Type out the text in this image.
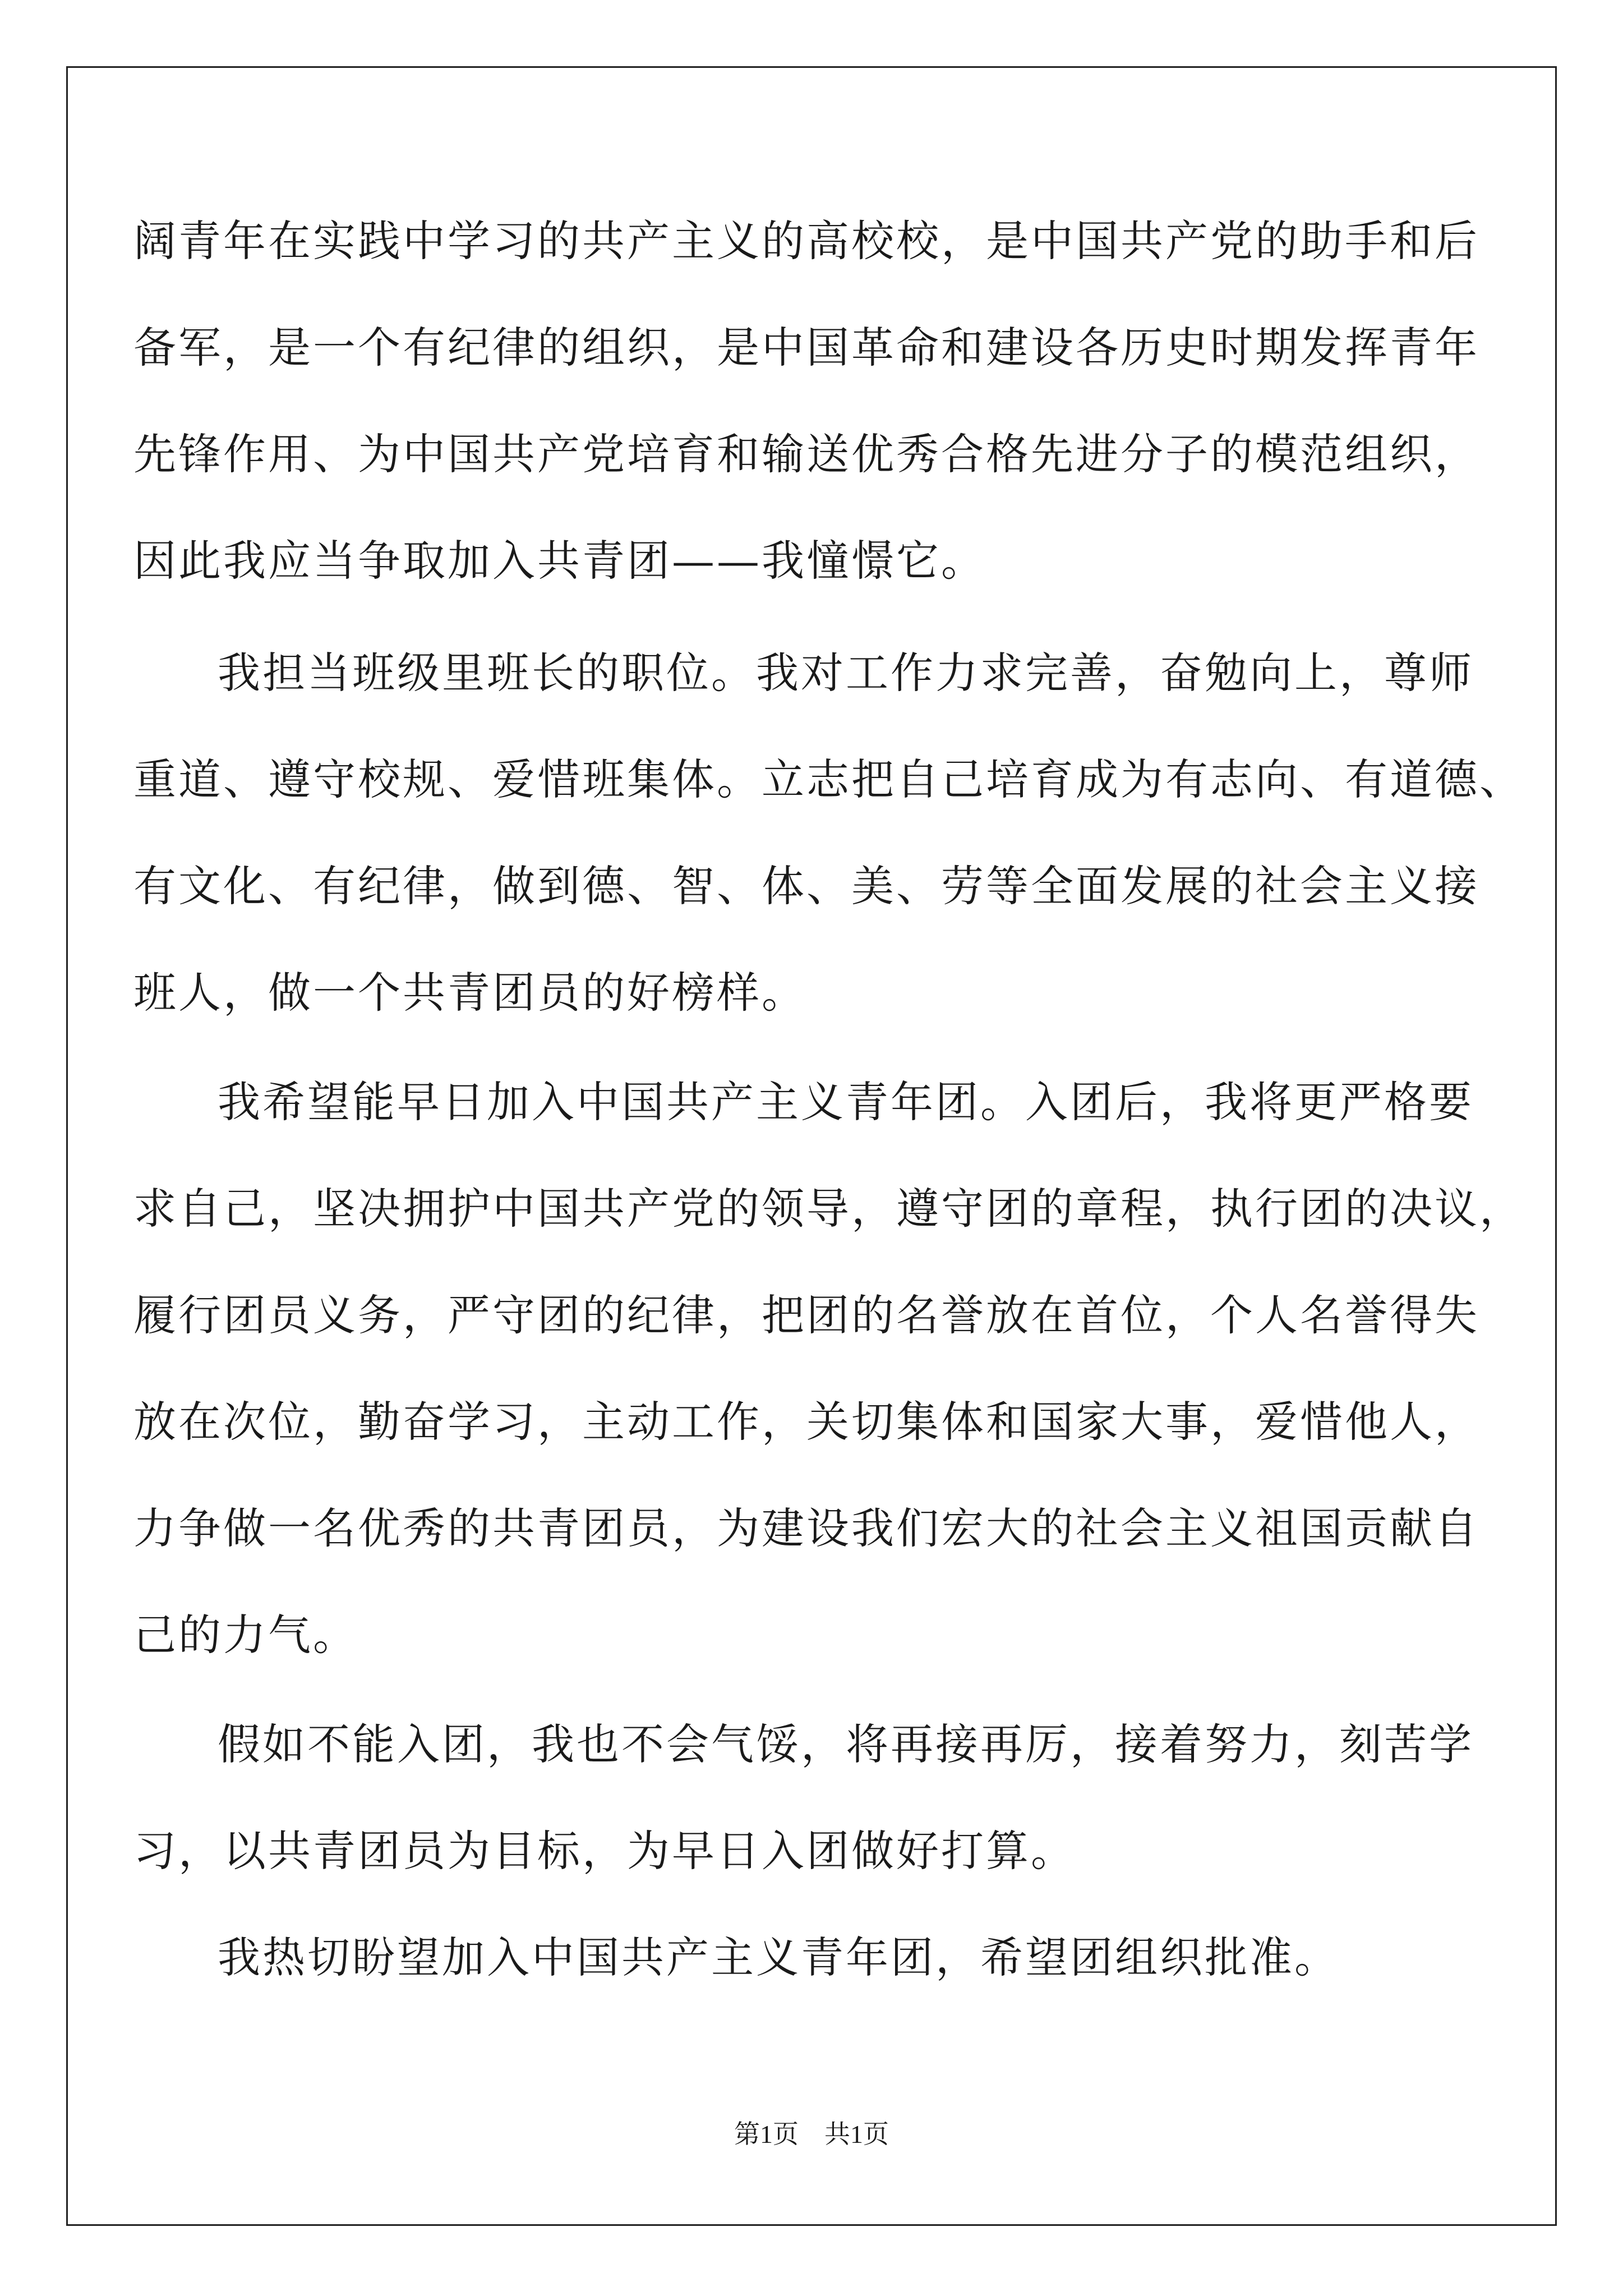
阔青年在实践中学习的共产主义的高校校，是中国共产党的助手和后
备军，是一个有纪律的组织，是中国革命和建设各历史时期发挥青年
先锋作用、为中国共产党培育和输送优秀合格先进分子的模范组织，
因此我应当争取加入共青团——我憧憬它。
我担当班级里班长的职位。我对工作力求完善，奋勉向上，尊师
重道、遵守校规、爱惜班集体。立志把自己培育成为有志向、有道德、
有文化、有纪律，做到德、智、体、美、劳等全面发展的社会主义接
班人，做一个共青团员的好榜样。
我希望能早日加入中国共产主义青年团。入团后，我将更严格要
求自己，坚决拥护中国共产党的领导，遵守团的章程，执行团的决议，
履行团员义务，严守团的纪律，把团的名誉放在首位，个人名誉得失
放在次位，勤奋学习，主动工作，关切集体和国家大事，爱惜他人，
力争做一名优秀的共青团员，为建设我们宏大的社会主义祖国贡献自
己的力气。
假如不能入团，我也不会气馁，将再接再厉，接着努力，刻苦学
习，以共青团员为目标，为早日入团做好打算。
我热切盼望加入中国共产主义青年团，希望团组织批准。
第1页　共1页
